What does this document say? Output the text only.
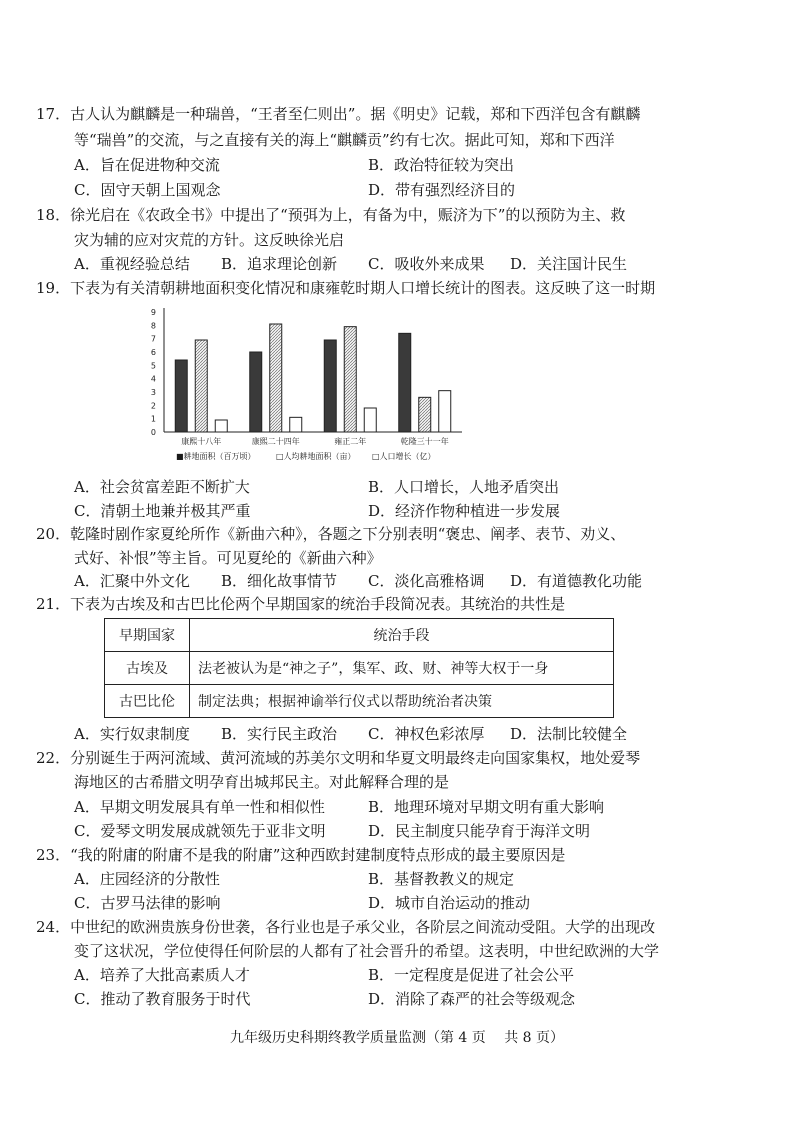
17．古人认为麒麟是一种瑞兽，“王者至仁则出”。据《明史》记载，郑和下西洋包含有麒麟
等“瑞兽”的交流，与之直接有关的海上“麒麟贡”约有七次。据此可知，郑和下西洋
A．旨在促进物种交流	B．政治特征较为突出
C．固守天朝上国观念	D．带有强烈经济目的
18．徐光启在《农政全书》中提出了“预弭为上，有备为中，赈济为下”的以预防为主、救
灾为辅的应对灾荒的方针。这反映徐光启
A．重视经验总结 B．追求理论创新 C．吸收外来成果 D．关注国计民生
19．下表为有关清朝耕地面积变化情况和康雍乾时期人口增长统计的图表。这反映了这一时期
0
1
2
3
4
5
6
7
8
9
康熙十八年	康熙二十四年	雍正二年	乾隆三十一年
■耕地面积（百万顷）	□人均耕地面积（亩） □人口增长（亿）
A．社会贫富差距不断扩大	B．人口增长，人地矛盾突出
C．清朝土地兼并极其严重	D．经济作物种植进一步发展
20．乾隆时剧作家夏纶所作《新曲六种》，各题之下分别表明“褒忠、阐孝、表节、劝义、
式好、补恨”等主旨。可见夏纶的《新曲六种》
A．汇聚中外文化 B．细化故事情节 C．淡化高雅格调 D．有道德教化功能
21．下表为古埃及和古巴比伦两个早期国家的统治手段简况表。其统治的共性是
早期国家	统治手段
古埃及	法老被认为是“神之子”，集军、政、财、神等大权于一身
古巴比伦	制定法典；根据神谕举行仪式以帮助统治者决策
A．实行奴隶制度 B．实行民主政治 C．神权色彩浓厚 D．法制比较健全
22．分别诞生于两河流域、黄河流域的苏美尔文明和华夏文明最终走向国家集权，地处爱琴
海地区的古希腊文明孕育出城邦民主。对此解释合理的是
A．早期文明发展具有单一性和相似性	B．地理环境对早期文明有重大影响
C．爱琴文明发展成就领先于亚非文明	D．民主制度只能孕育于海洋文明
23．“我的附庸的附庸不是我的附庸”这种西欧封建制度特点形成的最主要原因是
A．庄园经济的分散性	B．基督教教义的规定
C．古罗马法律的影响	D．城市自治运动的推动
24．中世纪的欧洲贵族身份世袭，各行业也是子承父业，各阶层之间流动受阻。大学的出现改
变了这状况，学位使得任何阶层的人都有了社会晋升的希望。这表明，中世纪欧洲的大学
A．培养了大批高素质人才	B．一定程度是促进了社会公平
C．推动了教育服务于时代	D．消除了森严的社会等级观念
九年级历史科期终教学质量监测（第 4 页　 共 8 页）
